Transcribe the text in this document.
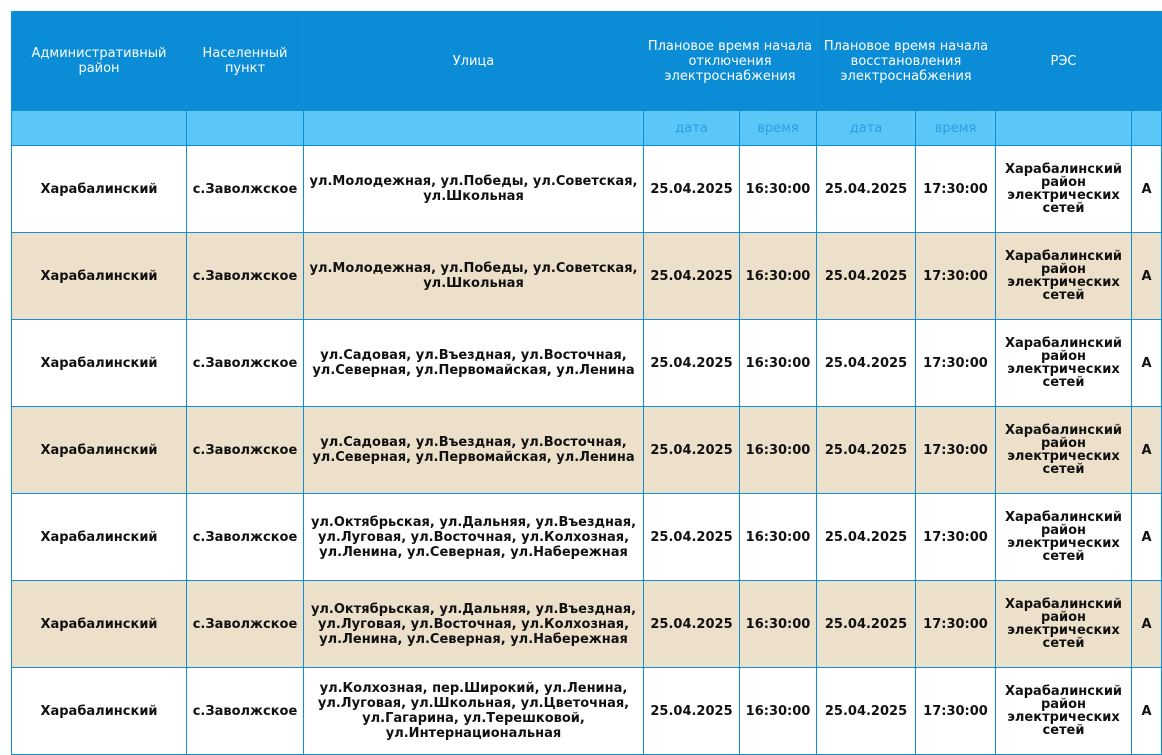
Административный район	Населенный пункт	Улица	Плановое время начала отключения электроснабжения		Плановое время начала восстановления электроснабжения		РЭС	
			дата	время	дата	время		
Харабалинский	с.Заволжское	ул.Молодежная, ул.Победы, ул.Советская, ул.Школьная	25.04.2025	16:30:00	25.04.2025	17:30:00	Харабалинский район электрических сетей	А
Харабалинский	с.Заволжское	ул.Молодежная, ул.Победы, ул.Советская, ул.Школьная	25.04.2025	16:30:00	25.04.2025	17:30:00	Харабалинский район электрических сетей	А
Харабалинский	с.Заволжское	ул.Садовая, ул.Въездная, ул.Восточная, ул.Северная, ул.Первомайская, ул.Ленина	25.04.2025	16:30:00	25.04.2025	17:30:00	Харабалинский район электрических сетей	А
Харабалинский	с.Заволжское	ул.Садовая, ул.Въездная, ул.Восточная, ул.Северная, ул.Первомайская, ул.Ленина	25.04.2025	16:30:00	25.04.2025	17:30:00	Харабалинский район электрических сетей	А
Харабалинский	с.Заволжское	ул.Октябрьская, ул.Дальняя, ул.Въездная, ул.Луговая, ул.Восточная, ул.Колхозная, ул.Ленина, ул.Северная, ул.Набережная	25.04.2025	16:30:00	25.04.2025	17:30:00	Харабалинский район электрических сетей	А
Харабалинский	с.Заволжское	ул.Октябрьская, ул.Дальняя, ул.Въездная, ул.Луговая, ул.Восточная, ул.Колхозная, ул.Ленина, ул.Северная, ул.Набережная	25.04.2025	16:30:00	25.04.2025	17:30:00	Харабалинский район электрических сетей	А
Харабалинский	с.Заволжское	ул.Колхозная, пер.Широкий, ул.Ленина, ул.Луговая, ул.Школьная, ул.Цветочная, ул.Гагарина, ул.Терешковой, ул.Интернациональная	25.04.2025	16:30:00	25.04.2025	17:30:00	Харабалинский район электрических сетей	А
